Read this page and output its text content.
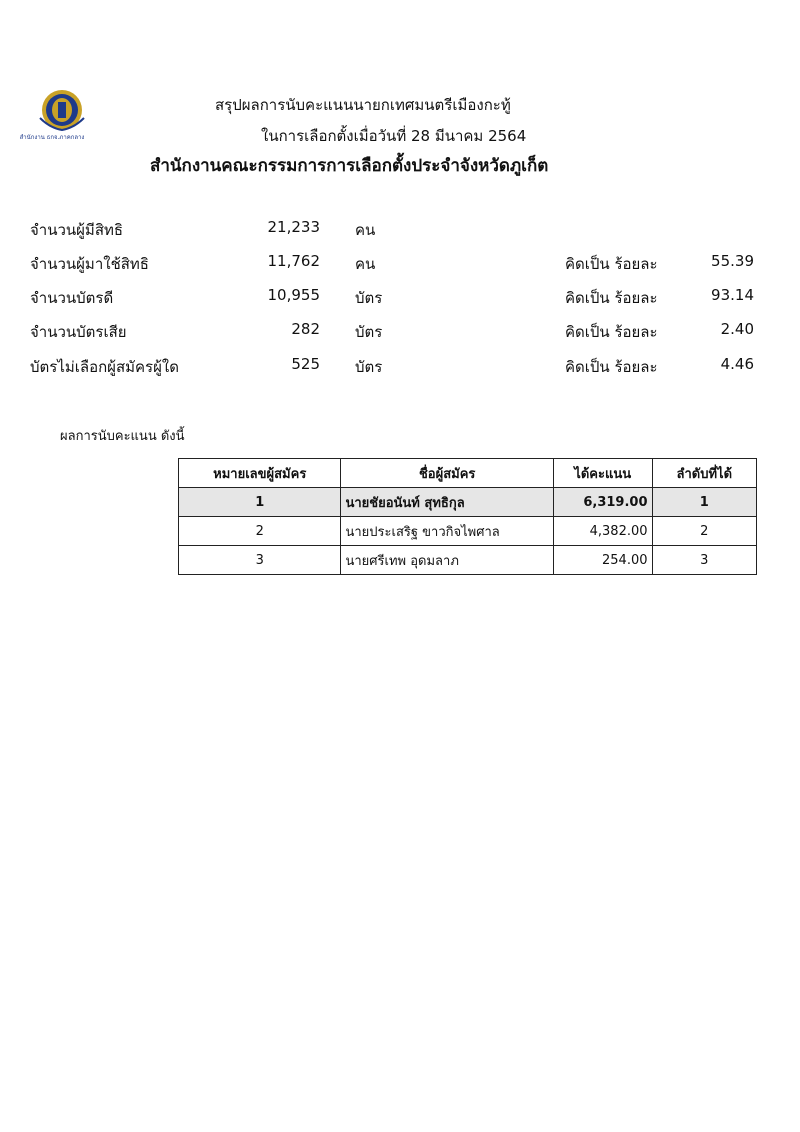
สำนักงาน ธกจ.ภาคกลาง
สรุปผลการนับคะแนนนายกเทศมนตรีเมืองกะทู้
ในการเลือกตั้งเมื่อวันที่ 28 มีนาคม 2564
สำนักงานคณะกรรมการการเลือกตั้งประจำจังหวัดภูเก็ต
จำนวนผู้มีสิทธิ	21,233 คน
จำนวนผู้มาใช้สิทธิ	11,762 คน	คิดเป็น ร้อยละ	55.39
จำนวนบัตรดี	10,955 บัตร	คิดเป็น ร้อยละ	93.14
จำนวนบัตรเสีย	282 บัตร	คิดเป็น ร้อยละ	2.40
บัตรไม่เลือกผู้สมัครผู้ใด	525 บัตร	คิดเป็น ร้อยละ	4.46
ผลการนับคะแนน ดังนี้
หมายเลขผู้สมัคร	ชื่อผู้สมัคร	ได้คะแนน	ลำดับที่ได้
1	นายชัยอนันท์ สุทธิกุล	6,319.00	1
2	นายประเสริฐ ขาวกิจไพศาล	4,382.00	2
3	นายศรีเทพ อุดมลาภ	254.00	3
